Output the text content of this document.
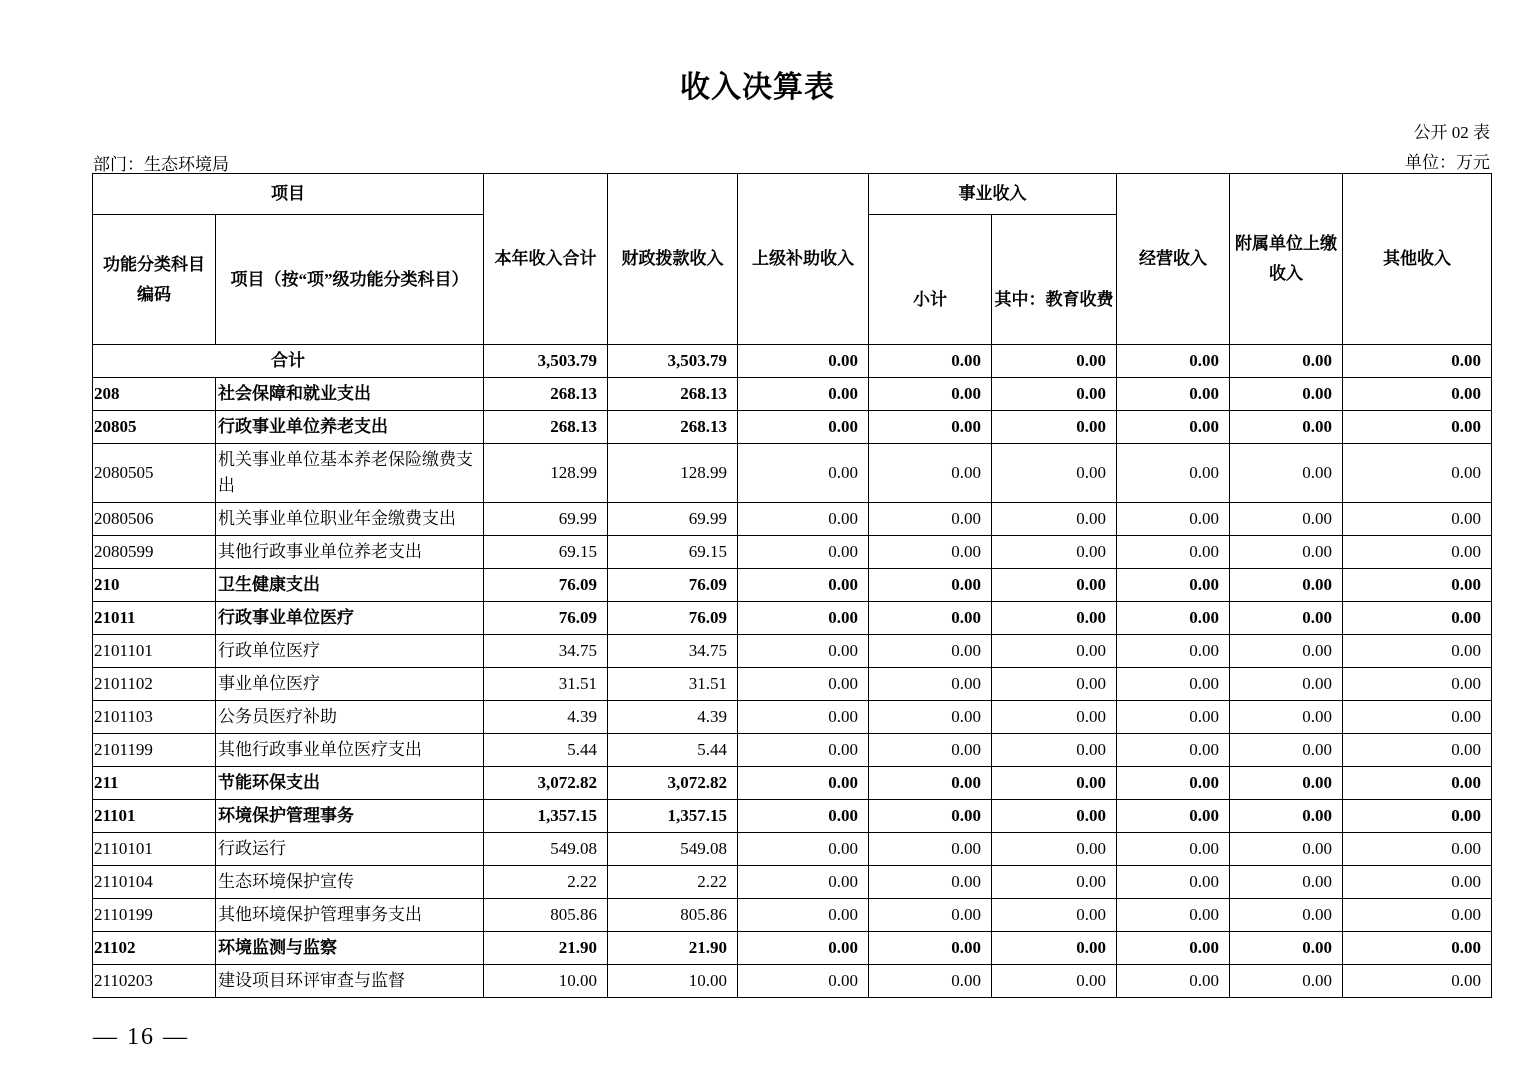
收入决算表
公开 02 表
部门：生态环境局	单位：万元
项目		本年收入合计	财政拨款收入	上级补助收入	事业收入		经营收入	附属单位上缴收入	其他收入
功能分类科目编码	项目（按“项”级功能分类科目）				小计	其中：教育收费			
合计		3,503.79	3,503.79	0.00	0.00	0.00	0.00	0.00	0.00
208	社会保障和就业支出	268.13	268.13	0.00	0.00	0.00	0.00	0.00	0.00
20805	行政事业单位养老支出	268.13	268.13	0.00	0.00	0.00	0.00	0.00	0.00
2080505	机关事业单位基本养老保险缴费支出	128.99	128.99	0.00	0.00	0.00	0.00	0.00	0.00
2080506	机关事业单位职业年金缴费支出	69.99	69.99	0.00	0.00	0.00	0.00	0.00	0.00
2080599	其他行政事业单位养老支出	69.15	69.15	0.00	0.00	0.00	0.00	0.00	0.00
210	卫生健康支出	76.09	76.09	0.00	0.00	0.00	0.00	0.00	0.00
21011	行政事业单位医疗	76.09	76.09	0.00	0.00	0.00	0.00	0.00	0.00
2101101	行政单位医疗	34.75	34.75	0.00	0.00	0.00	0.00	0.00	0.00
2101102	事业单位医疗	31.51	31.51	0.00	0.00	0.00	0.00	0.00	0.00
2101103	公务员医疗补助	4.39	4.39	0.00	0.00	0.00	0.00	0.00	0.00
2101199	其他行政事业单位医疗支出	5.44	5.44	0.00	0.00	0.00	0.00	0.00	0.00
211	节能环保支出	3,072.82	3,072.82	0.00	0.00	0.00	0.00	0.00	0.00
21101	环境保护管理事务	1,357.15	1,357.15	0.00	0.00	0.00	0.00	0.00	0.00
2110101	行政运行	549.08	549.08	0.00	0.00	0.00	0.00	0.00	0.00
2110104	生态环境保护宣传	2.22	2.22	0.00	0.00	0.00	0.00	0.00	0.00
2110199	其他环境保护管理事务支出	805.86	805.86	0.00	0.00	0.00	0.00	0.00	0.00
21102	环境监测与监察	21.90	21.90	0.00	0.00	0.00	0.00	0.00	0.00
2110203	建设项目环评审查与监督	10.00	10.00	0.00	0.00	0.00	0.00	0.00	0.00
— 16 —
